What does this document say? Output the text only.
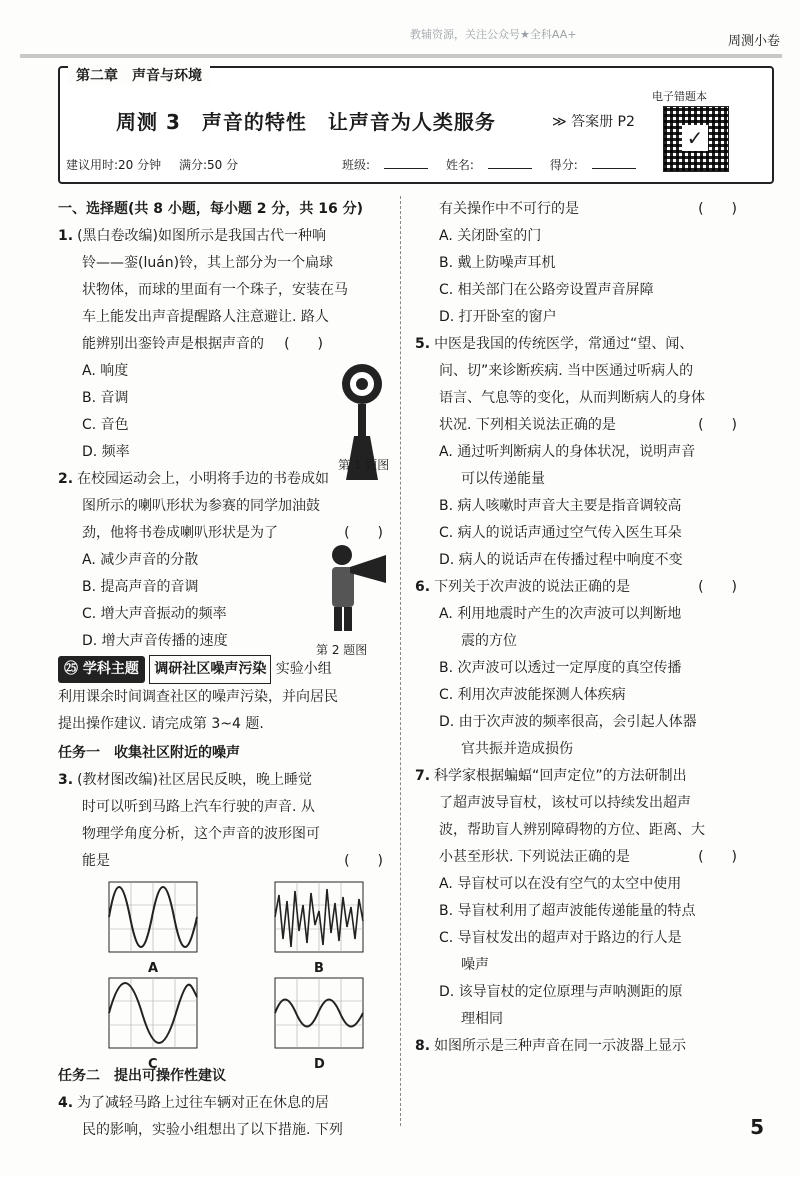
教辅资源，关注公众号★全科AA+	周测小卷
第二章　声音与环境
周测 3　声音的特性　让声音为人类服务	≫ 答案册 P2
电子错题本
✓
建议用时:20 分钟 满分:50 分	班级:	姓名:	得分:
一、选择题(共 8 小题，每小题 2 分，共 16 分)
1. (黑白卷改编)如图所示是我国古代一种响
铃——銮(luán)铃，其上部分为一个扁球
状物体，而球的里面有一个珠子，安装在马
车上能发出声音提醒路人注意避让. 路人
能辨别出銮铃声是根据声音的 (　　)
A. 响度
B. 音调
C. 音色
D. 频率
第 1 题图
2. 在校园运动会上，小明将手边的书卷成如
图所示的喇叭形状为参赛的同学加油鼓
劲，他将书卷成喇叭形状是为了	(　　)
A. 减少声音的分散
B. 提高声音的音调
C. 增大声音振动的频率
D. 增大声音传播的速度
第 2 题图
㉕ 学科主题 调研社区噪声污染 实验小组
利用课余时间调查社区的噪声污染，并向居民
提出操作建议. 请完成第 3~4 题.
任务一　收集社区附近的噪声
3. (教材图改编)社区居民反映，晚上睡觉
时可以听到马路上汽车行驶的声音. 从
物理学角度分析，这个声音的波形图可
能是	(　　)
A	B
C	D
任务二　提出可操作性建议
4. 为了减轻马路上过往车辆对正在休息的居
民的影响，实验小组想出了以下措施. 下列
有关操作中不可行的是	(　　)
A. 关闭卧室的门
B. 戴上防噪声耳机
C. 相关部门在公路旁设置声音屏障
D. 打开卧室的窗户
5. 中医是我国的传统医学，常通过“望、闻、
问、切”来诊断疾病. 当中医通过听病人的
语言、气息等的变化，从而判断病人的身体
状况. 下列相关说法正确的是	(　　)
A. 通过听判断病人的身体状况，说明声音
可以传递能量
B. 病人咳嗽时声音大主要是指音调较高
C. 病人的说话声通过空气传入医生耳朵
D. 病人的说话声在传播过程中响度不变
6. 下列关于次声波的说法正确的是	(　　)
A. 利用地震时产生的次声波可以判断地
震的方位
B. 次声波可以透过一定厚度的真空传播
C. 利用次声波能探测人体疾病
D. 由于次声波的频率很高，会引起人体器
官共振并造成损伤
7. 科学家根据蝙蝠“回声定位”的方法研制出
了超声波导盲杖，该杖可以持续发出超声
波，帮助盲人辨别障碍物的方位、距离、大
小甚至形状. 下列说法正确的是	(　　)
A. 导盲杖可以在没有空气的太空中使用
B. 导盲杖利用了超声波能传递能量的特点
C. 导盲杖发出的超声对于路边的行人是
噪声
D. 该导盲杖的定位原理与声呐测距的原
理相同
8. 如图所示是三种声音在同一示波器上显示
5
